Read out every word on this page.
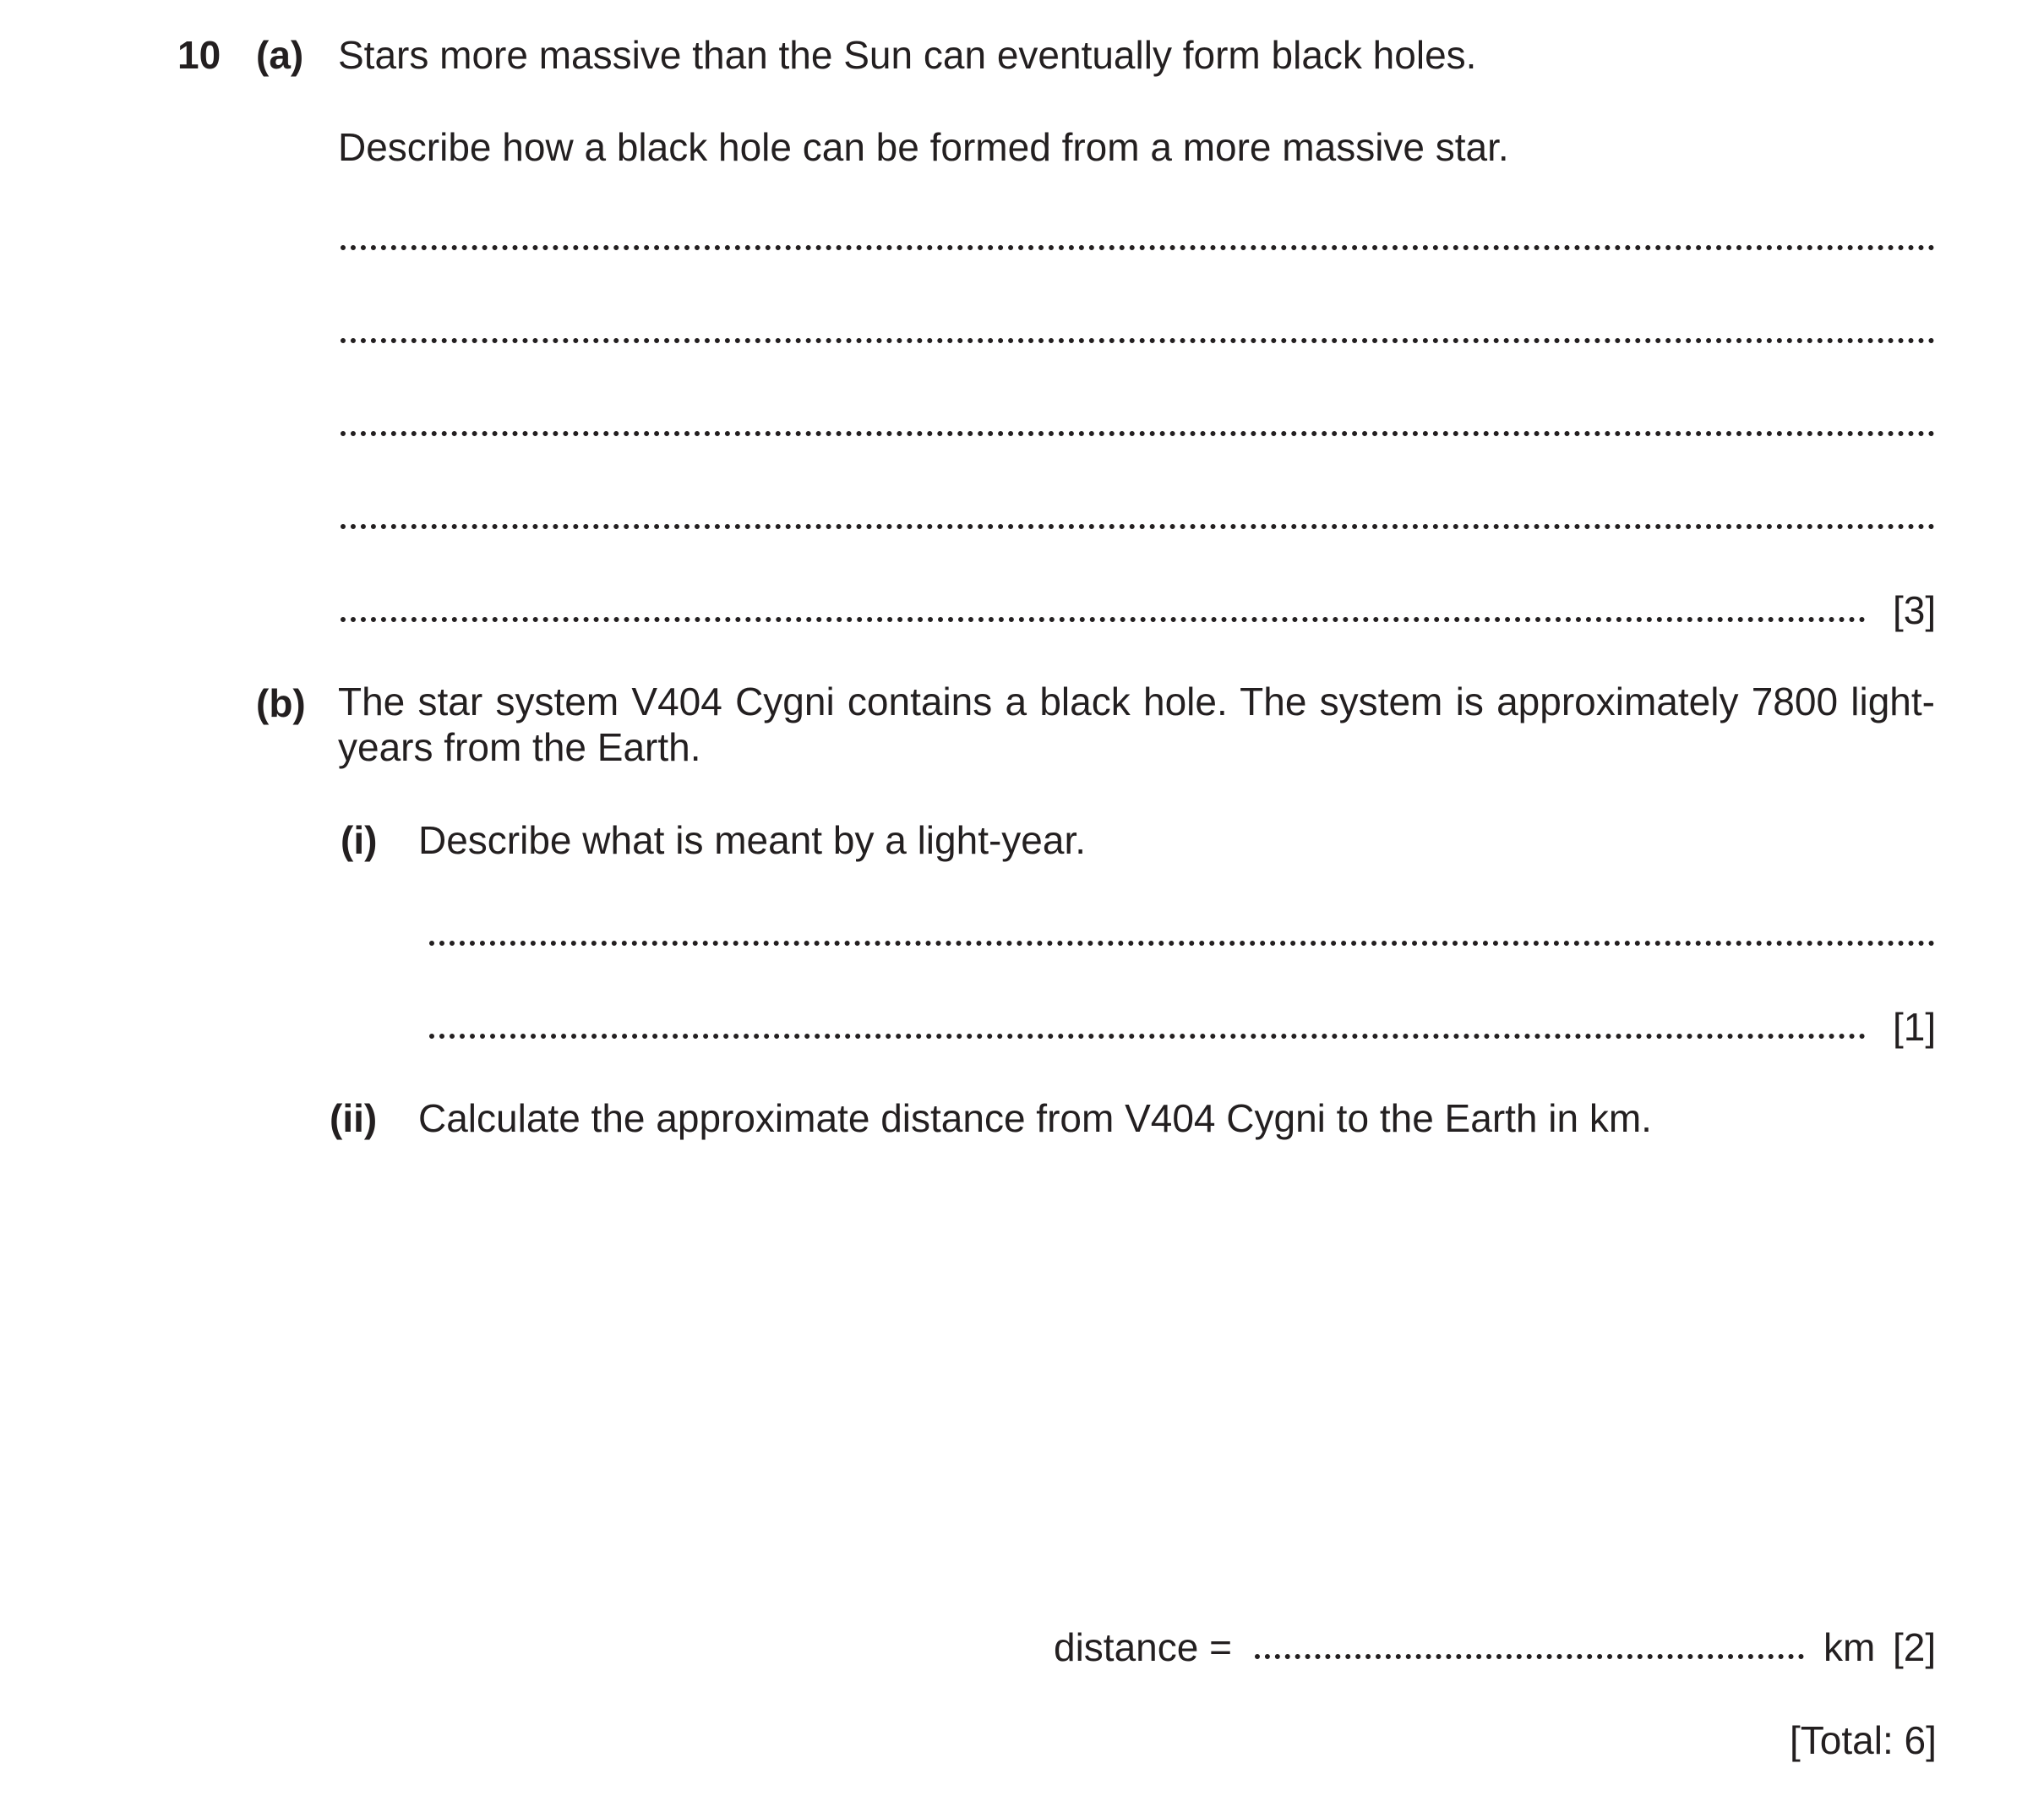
10 (a) Stars more massive than the Sun can eventually form black holes.
Describe how a black hole can be formed from a more massive star.
[3]
(b) The star system V404 Cygni contains a black hole. The system is approximately 7800 light-years from the Earth.
(i) Describe what is meant by a light-year.
[1]
(ii) Calculate the approximate distance from V404 Cygni to the Earth in km.
distance =	km [2]
[Total: 6]
